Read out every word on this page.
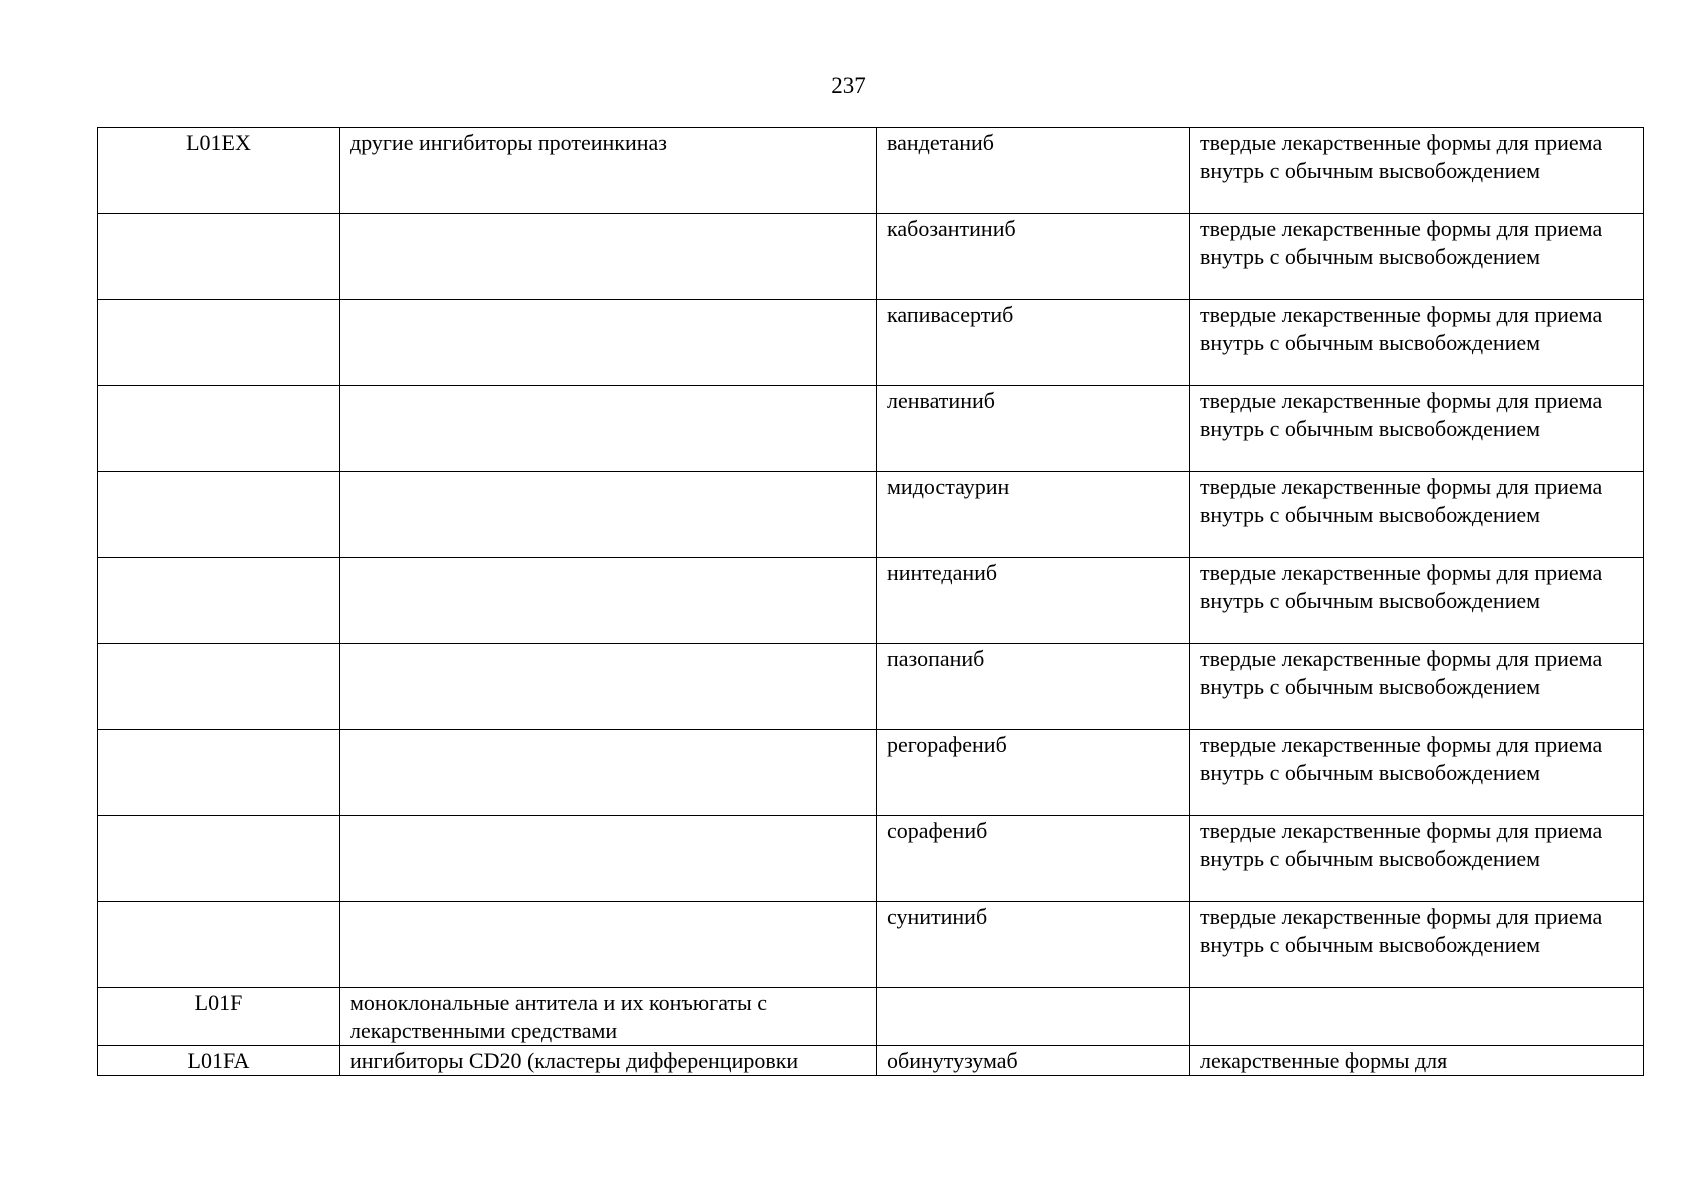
237
L01EX	другие ингибиторы протеинкиназ	вандетаниб	твердые лекарственные формы для приема внутрь с обычным высвобождением
		кабозантиниб	твердые лекарственные формы для приема внутрь с обычным высвобождением
		капивасертиб	твердые лекарственные формы для приема внутрь с обычным высвобождением
		ленватиниб	твердые лекарственные формы для приема внутрь с обычным высвобождением
		мидостаурин	твердые лекарственные формы для приема внутрь с обычным высвобождением
		нинтеданиб	твердые лекарственные формы для приема внутрь с обычным высвобождением
		пазопаниб	твердые лекарственные формы для приема внутрь с обычным высвобождением
		регорафениб	твердые лекарственные формы для приема внутрь с обычным высвобождением
		сорафениб	твердые лекарственные формы для приема внутрь с обычным высвобождением
		сунитиниб	твердые лекарственные формы для приема внутрь с обычным высвобождением
L01F	моноклональные антитела и их конъюгаты с лекарственными средствами		
L01FA	ингибиторы CD20 (кластеры дифференцировки	обинутузумаб	лекарственные формы для
